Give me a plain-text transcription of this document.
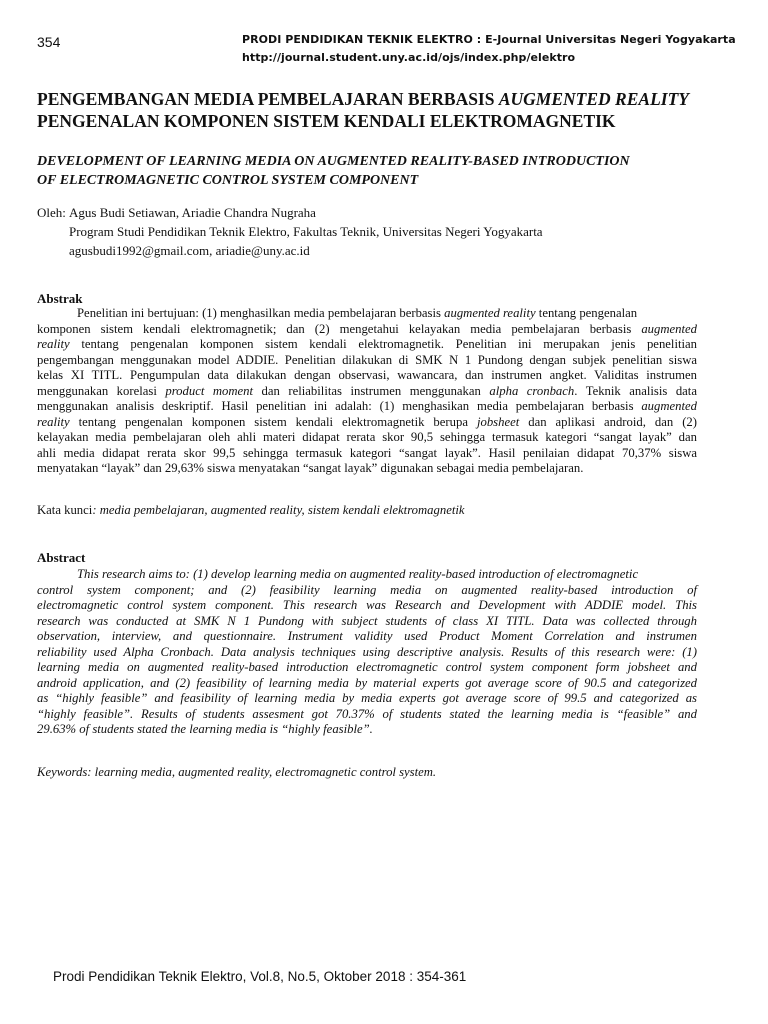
354	PRODI PENDIDIKAN TEKNIK ELEKTRO : E-Journal Universitas Negeri Yogyakarta
http://journal.student.uny.ac.id/ojs/index.php/elektro
PENGEMBANGAN MEDIA PEMBELAJARAN BERBASIS AUGMENTED REALITY
PENGENALAN KOMPONEN SISTEM KENDALI ELEKTROMAGNETIK
DEVELOPMENT OF LEARNING MEDIA ON AUGMENTED REALITY-BASED INTRODUCTION
OF ELECTROMAGNETIC CONTROL SYSTEM COMPONENT
Oleh: Agus Budi Setiawan, Ariadie Chandra Nugraha
Program Studi Pendidikan Teknik Elektro, Fakultas Teknik, Universitas Negeri Yogyakarta
agusbudi1992@gmail.com, ariadie@uny.ac.id
Abstrak
Penelitian ini bertujuan: (1) menghasilkan media pembelajaran berbasis augmented reality tentang pengenalan
komponen sistem kendali elektromagnetik; dan (2) mengetahui kelayakan media pembelajaran berbasis augmented
reality tentang pengenalan komponen sistem kendali elektromagnetik. Penelitian ini merupakan jenis penelitian
pengembangan menggunakan model ADDIE. Penelitian dilakukan di SMK N 1 Pundong dengan subjek penelitian siswa
kelas XI TITL. Pengumpulan data dilakukan dengan observasi, wawancara, dan instrumen angket. Validitas instrumen
menggunakan korelasi product moment dan reliabilitas instrumen menggunakan alpha cronbach. Teknik analisis data
menggunakan analisis deskriptif. Hasil penelitian ini adalah: (1) menghasikan media pembelajaran berbasis augmented
reality tentang pengenalan komponen sistem kendali elektromagnetik berupa jobsheet dan aplikasi android, dan (2)
kelayakan media pembelajaran oleh ahli materi didapat rerata skor 90,5 sehingga termasuk kategori “sangat layak” dan
ahli media didapat rerata skor 99,5 sehingga termasuk kategori “sangat layak”. Hasil penilaian didapat 70,37% siswa
menyatakan “layak” dan 29,63% siswa menyatakan “sangat layak” digunakan sebagai media pembelajaran.
Kata kunci: media pembelajaran, augmented reality, sistem kendali elektromagnetik
Abstract
This research aims to: (1) develop learning media on augmented reality-based introduction of electromagnetic
control system component; and (2) feasibility learning media on augmented reality-based introduction of
electromagnetic control system component. This research was Research and Development with ADDIE model. This
research was conducted at SMK N 1 Pundong with subject students of class XI TITL. Data was collected through
observation, interview, and questionnaire. Instrument validity used Product Moment Correlation and instrumen
reliability used Alpha Cronbach. Data analysis techniques using descriptive analysis. Results of this research were: (1)
learning media on augmented reality-based introduction electromagnetic control system component form jobsheet and
android application, and (2) feasibility of learning media by material experts got average score of 90.5 and categorized
as “highly feasible” and feasibility of learning media by media experts got average score of 99.5 and categorized as
“highly feasible”. Results of students assesment got 70.37% of students stated the learning media is “feasible” and
29.63% of students stated the learning media is “highly feasible”.
Keywords: learning media, augmented reality, electromagnetic control system.
Prodi Pendidikan Teknik Elektro, Vol.8, No.5, Oktober 2018 : 354-361
